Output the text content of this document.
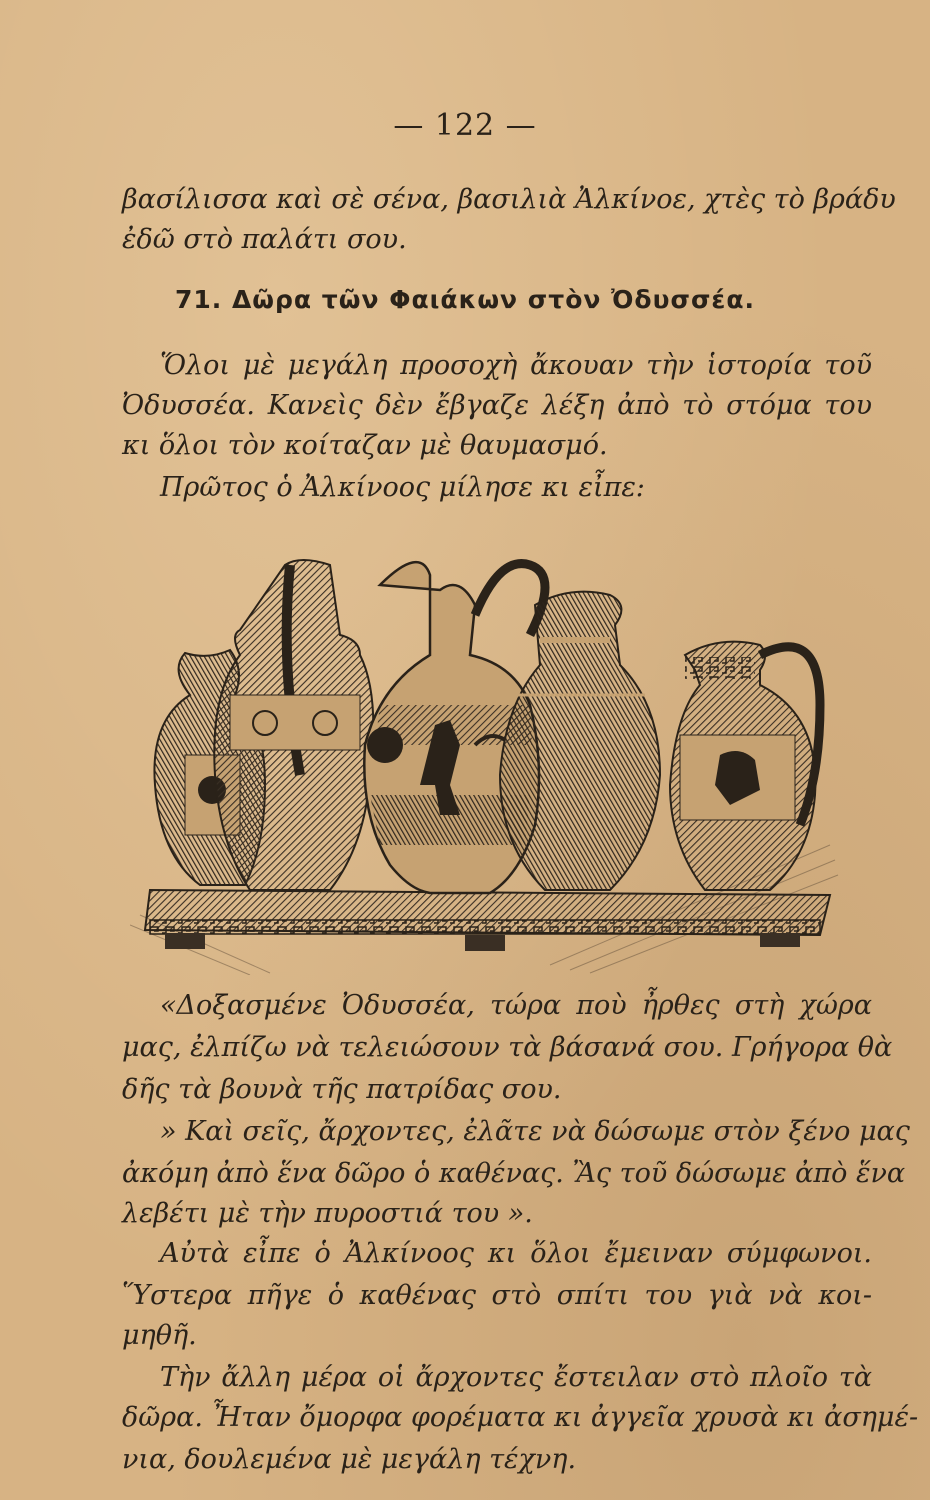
— 122 —
βασίλισσα καὶ σὲ σένα, βασιλιὰ Ἀλκίνοε, χτὲς τὸ βράδυ
ἐδῶ στὸ παλάτι σου.
71. Δῶρα τῶν Φαιάκων στὸν Ὀδυσσέα.
Ὅλοι μὲ μεγάλη προσοχὴ ἄκουαν τὴν ἱστορία τοῦ
Ὀδυσσέα. Κανεὶς δὲν ἔβγαζε λέξη ἀπὸ τὸ στόμα του
κι ὅλοι τὸν κοίταζαν μὲ θαυμασμό.
Πρῶτος ὁ Ἀλκίνοος μίλησε κι εἶπε:
«Δοξασμένε Ὀδυσσέα, τώρα ποὺ ἦρθες στὴ χώρα
μας, ἐλπίζω νὰ τελειώσουν τὰ βάσανά σου. Γρήγορα θὰ
δῆς τὰ βουνὰ τῆς πατρίδας σου.
» Καὶ σεῖς, ἄρχοντες, ἐλᾶτε νὰ δώσωμε στὸν ξένο μας
ἀκόμη ἀπὸ ἕνα δῶρο ὁ καθένας. Ἂς τοῦ δώσωμε ἀπὸ ἕνα
λεβέτι μὲ τὴν πυροστιά του ».
Αὐτὰ εἶπε ὁ Ἀλκίνοος κι ὅλοι ἔμειναν σύμφωνοι.
Ὕστερα πῆγε ὁ καθένας στὸ σπίτι του γιὰ νὰ κοι-
μηθῆ.
Τὴν ἄλλη μέρα οἱ ἄρχοντες ἔστειλαν στὸ πλοῖο τὰ
δῶρα. Ἦταν ὄμορφα φορέματα κι ἀγγεῖα χρυσὰ κι ἀσημέ-
νια, δουλεμένα μὲ μεγάλη τέχνη.
